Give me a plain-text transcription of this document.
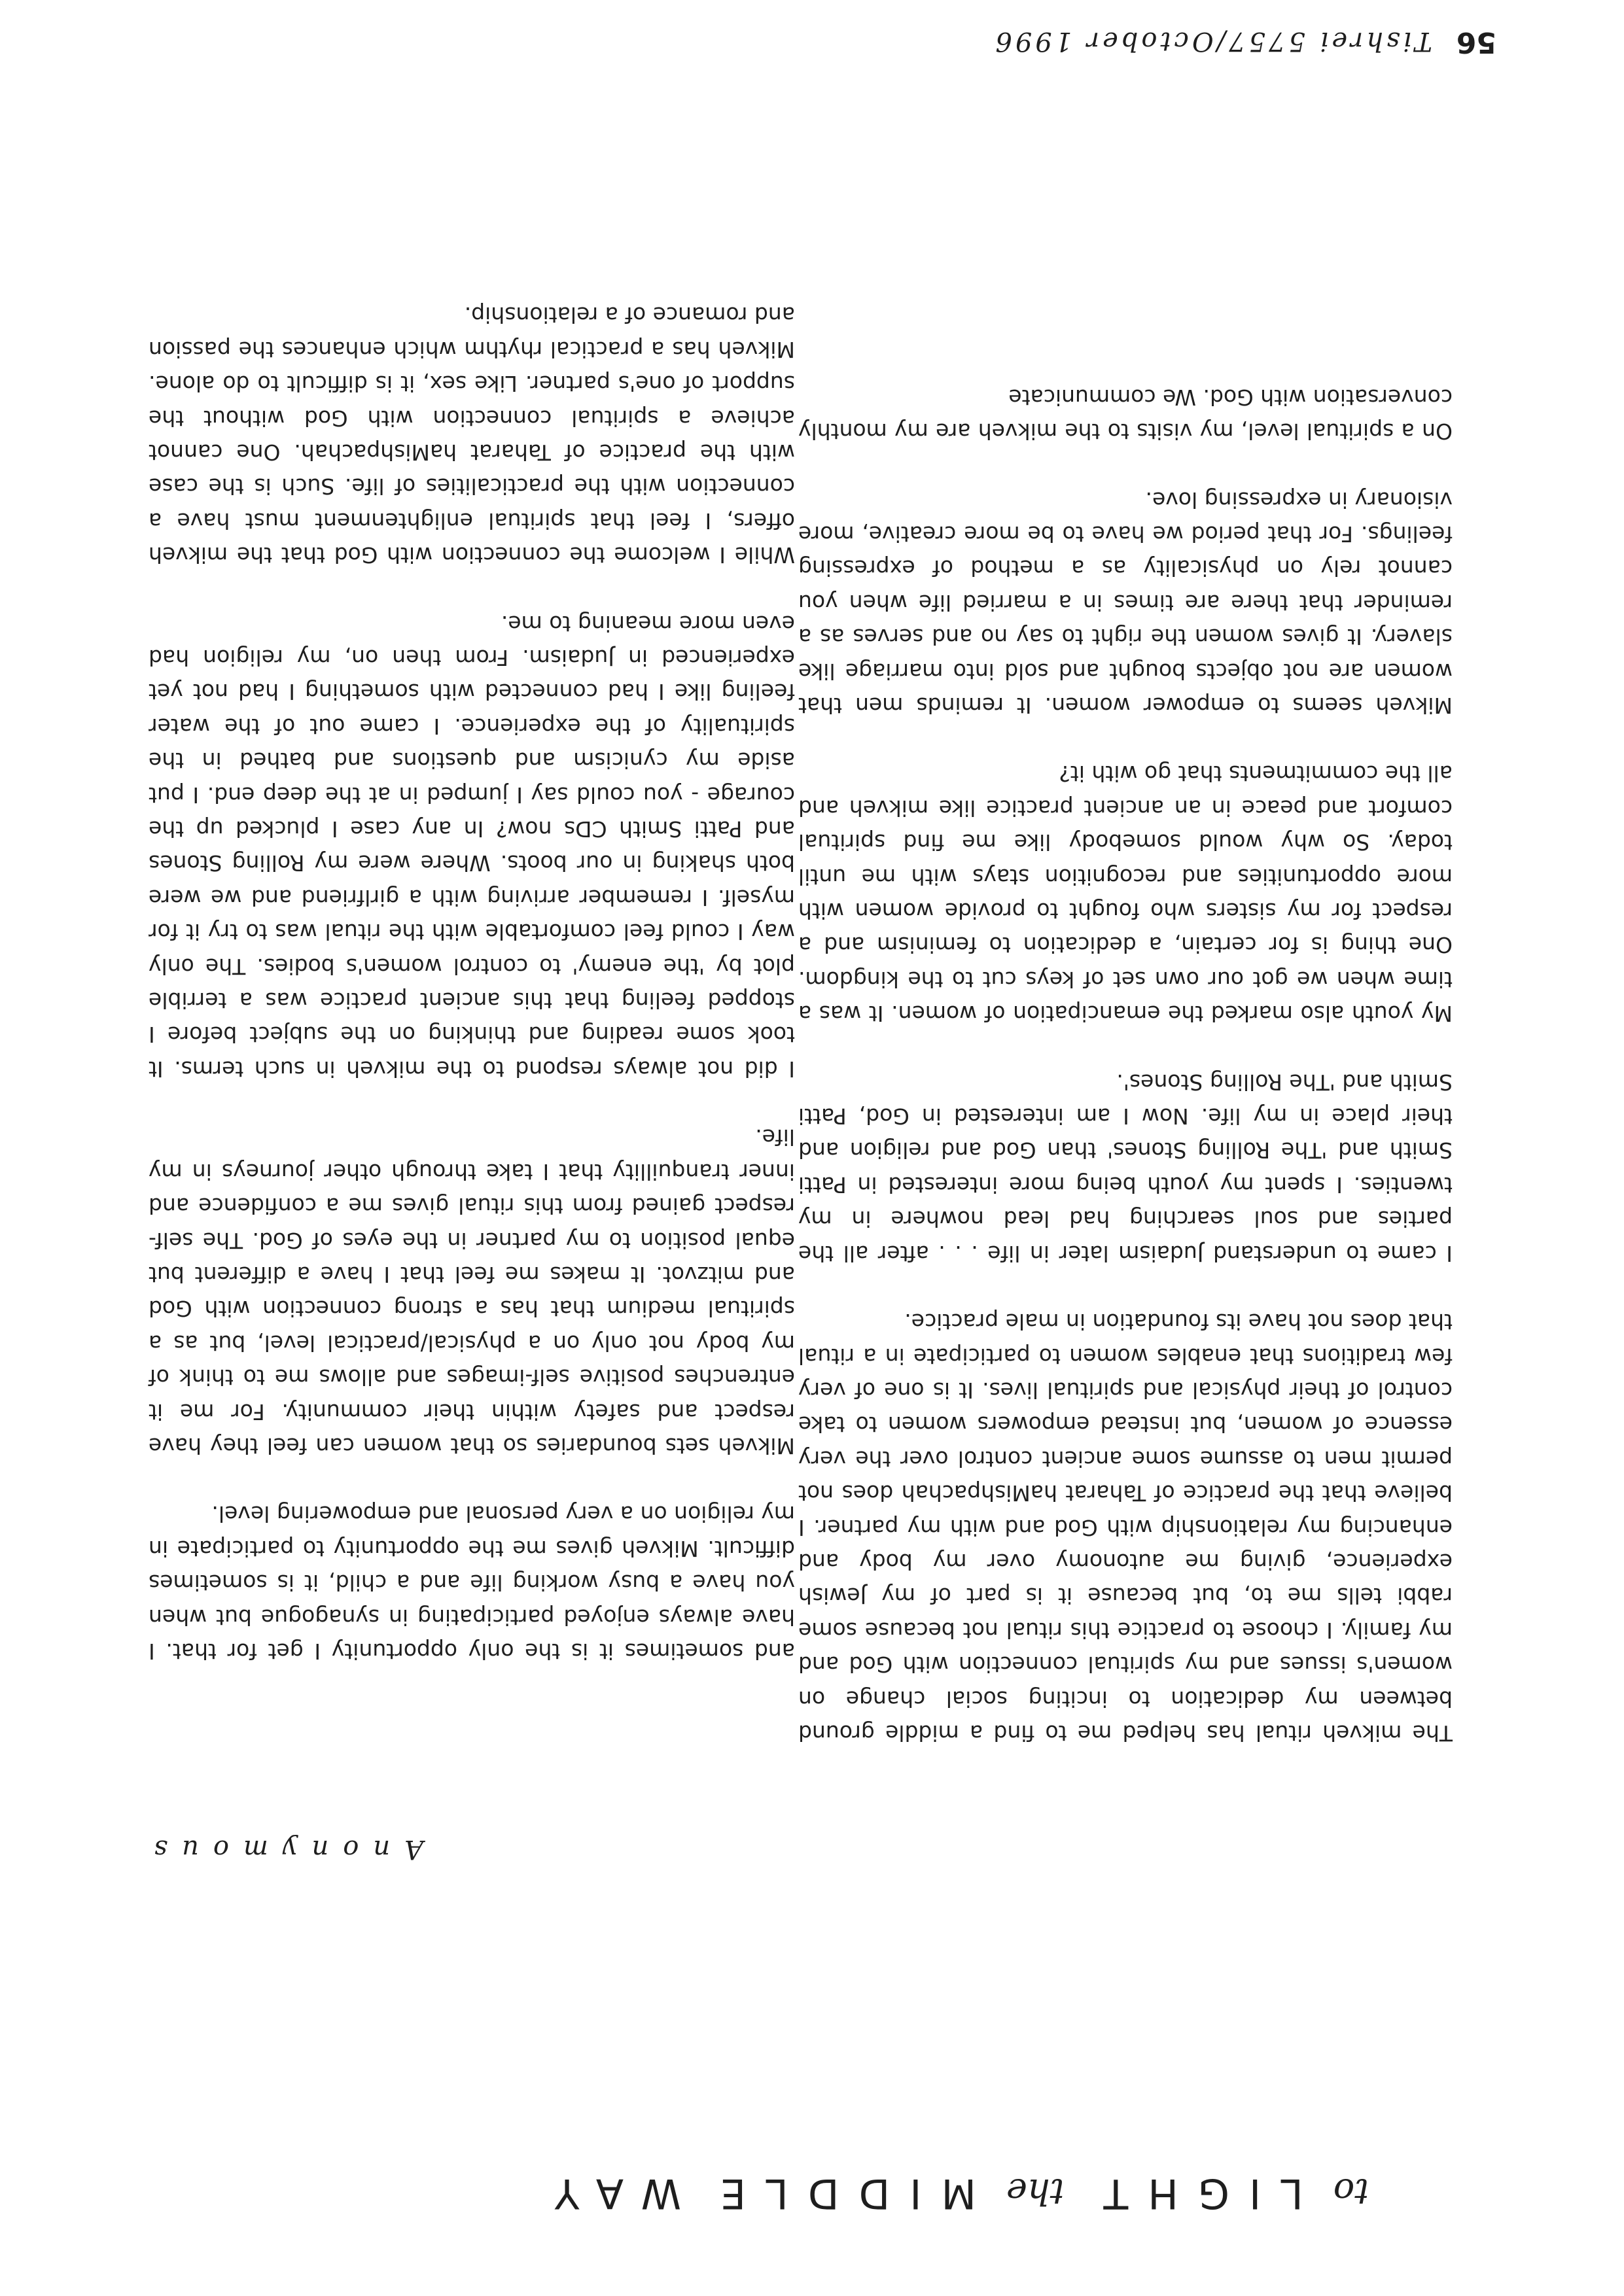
56 Tishrei 5757/October 1996
to LIGHT the MIDDLE WAY
Anonymous

The mikveh ritual has helped me to find a middle ground between my dedication to inciting social change on women's issues and my spiritual connection with God and my family. I choose to practice this ritual not because some rabbi tells me to, but because it is part of my Jewish experience, giving me autonomy over my body and enhancing my relationship with God and with my partner. I believe that the practice of Taharat haMishpachah does not permit men to assume some ancient control over the very essence of women, but instead empowers women to take control of their physical and spiritual lives. It is one of very few traditions that enables women to participate in a ritual that does not have its foundation in male practice.

I came to understand Judaism later in life . . . after all the parties and soul searching had lead nowhere in my twenties. I spent my youth being more interested in Patti Smith and 'The Rolling Stones' than God and religion and their place in my life. Now I am interested in God, Patti Smith and 'The Rolling Stones'.

My youth also marked the emancipation of women. It was a time when we got our own set of keys cut to the kingdom. One thing is for certain, a dedication to feminism and a respect for my sisters who fought to provide women with more opportunities and recognition stays with me until today. So why would somebody like me find spiritual comfort and peace in an ancient practice like mikveh and all the commitments that go with it?

Mikveh seems to empower women. It reminds men that women are not objects bought and sold into marriage like slavery. It gives women the right to say no and serves as a reminder that there are times in a married life when you cannot rely on physicality as a method of expressing feelings. For that period we have to be more creative, more visionary in expressing love.

On a spiritual level, my visits to the mikveh are my monthly conversation with God. We communicate

and sometimes it is the only opportunity I get for that. I have always enjoyed participating in synagogue but when you have a busy working life and a child, it is sometimes difficult. Mikveh gives me the opportunity to participate in my religion on a very personal and empowering level.

Mikveh sets boundaries so that women can feel they have respect and safety within their community. For me it entrenches positive self-images and allows me to think of my body not only on a physical/practical level, but as a spiritual medium that has a strong connection with God and mitzvot. It makes me feel that I have a different but equal position to my partner in the eyes of God. The self-respect gained from this ritual gives me a confidence and inner tranquillity that I take through other journeys in my life.

I did not always respond to the mikveh in such terms. It took some reading and thinking on the subject before I stopped feeling that this ancient practice was a terrible plot by 'the enemy' to control women's bodies. The only way I could feel comfortable with the ritual was to try it for myself. I remember arriving with a girlfriend and we were both shaking in our boots. Where were my Rolling Stones and Patti Smith CDs now? In any case I plucked up the courage - you could say I jumped in at the deep end. I put aside my cynicism and questions and bathed in the spirituality of the experience. I came out of the water feeling like I had connected with something I had not yet experienced in Judaism. From then on, my religion had even more meaning to me.

While I welcome the connection with God that the mikveh offers, I feel that spiritual enlightenment must have a connection with the practicalities of life. Such is the case with the practice of Taharat haMishpachah. One cannot achieve a spiritual connection with God without the support of one's partner. Like sex, it is difficult to do alone. Mikveh has a practical rhythm which enhances the passion and romance of a relationship.
